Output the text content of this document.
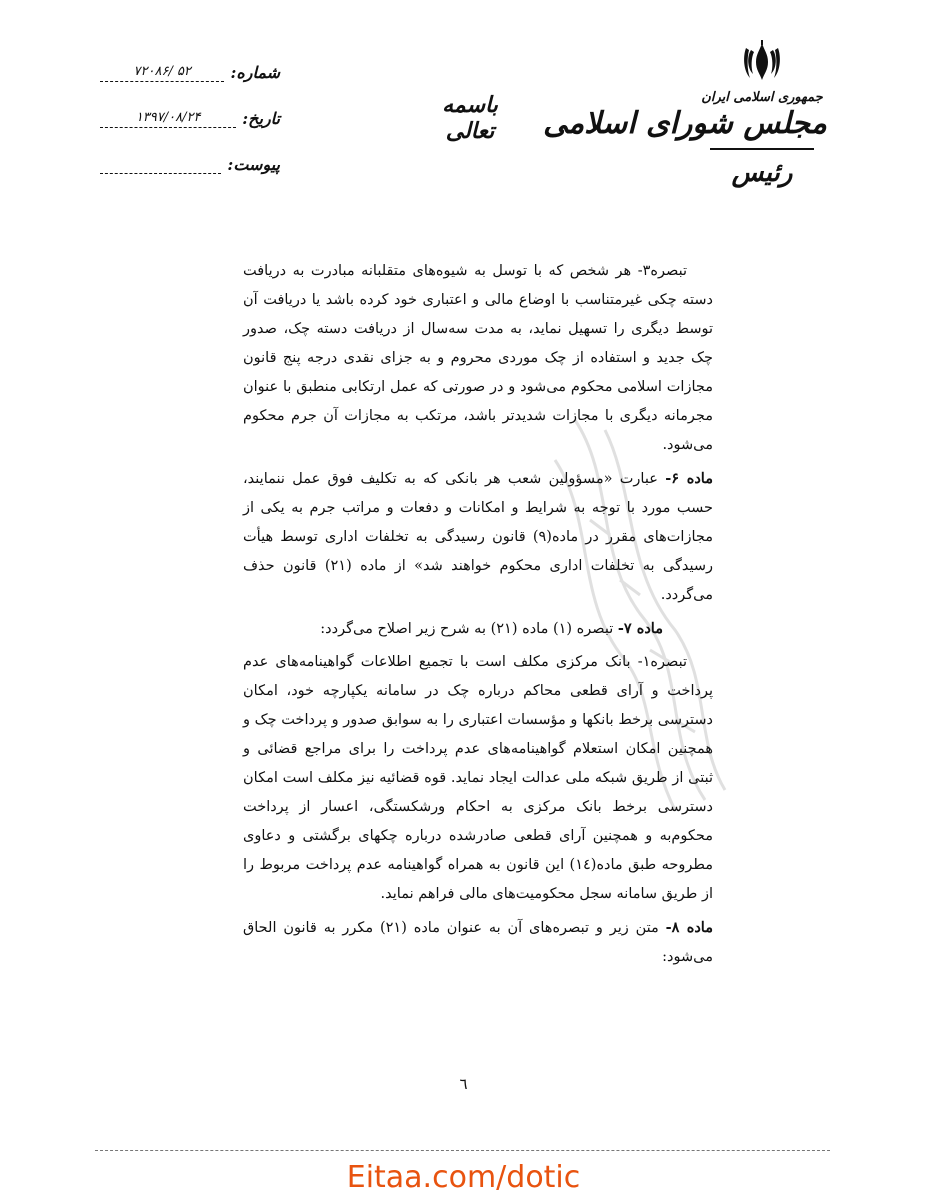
جمهوری اسلامی ایران
مجلس شورای اسلامی
رئیس
باسمه تعالی
شماره:
۵۲ /۷۲۰۸۶
تاریخ:
۱۳۹۷/۰۸/۲۴
پیوست:

تبصره۳- هر شخص که با توسل به شیوه‌های متقلبانه مبادرت به دریافت دسته چکی غیرمتناسب با اوضاع مالی و اعتباری خود کرده باشد یا دریافت آن توسط دیگری را تسهیل نماید، به مدت سه‌سال از دریافت دسته چک، صدور چک جدید و استفاده از چک موردی محروم و به جزای نقدی درجه پنج قانون مجازات اسلامی محکوم می‌شود و در صورتی که عمل ارتکابی منطبق با عنوان مجرمانه دیگری با مجازات شدیدتر باشد، مرتکب به مجازات آن جرم محکوم می‌شود.

ماده ۶- عبارت «مسؤولین شعب هر بانکی که به تکلیف فوق عمل ننمایند، حسب مورد با توجه به شرایط و امکانات و دفعات و مراتب جرم به یکی از مجازات‌های مقرر در ماده(۹) قانون رسیدگی به تخلفات اداری توسط هیأت رسیدگی به تخلفات اداری محکوم خواهند شد» از ماده (۲۱) قانون حذف می‌گردد.

ماده ۷- تبصره (۱) ماده (۲۱) به شرح زیر اصلاح می‌گردد:

تبصره۱- بانک مرکزی مکلف است با تجمیع اطلاعات گواهینامه‌های عدم پرداخت و آرای قطعی محاکم درباره چک در سامانه یکپارچه خود، امکان دسترسی برخط بانکها و مؤسسات اعتباری را به سوابق صدور و پرداخت چک و همچنین امکان استعلام گواهینامه‌های عدم پرداخت را برای مراجع قضائی و ثبتی از طریق شبکه ملی عدالت ایجاد نماید. قوه قضائیه نیز مکلف است امکان دسترسی برخط بانک مرکزی به احکام ورشکستگی، اعسار از پرداخت محکوم‌به و همچنین آرای قطعی صادرشده درباره چکهای برگشتی و دعاوی مطروحه طبق ماده(۱٤) این قانون به همراه گواهینامه عدم پرداخت مربوط را از طریق سامانه سجل محکومیت‌های مالی فراهم نماید.

ماده ۸- متن زیر و تبصره‌های آن به عنوان ماده (۲۱) مکرر به قانون الحاق می‌شود:

٦
Eitaa.com/dotic
